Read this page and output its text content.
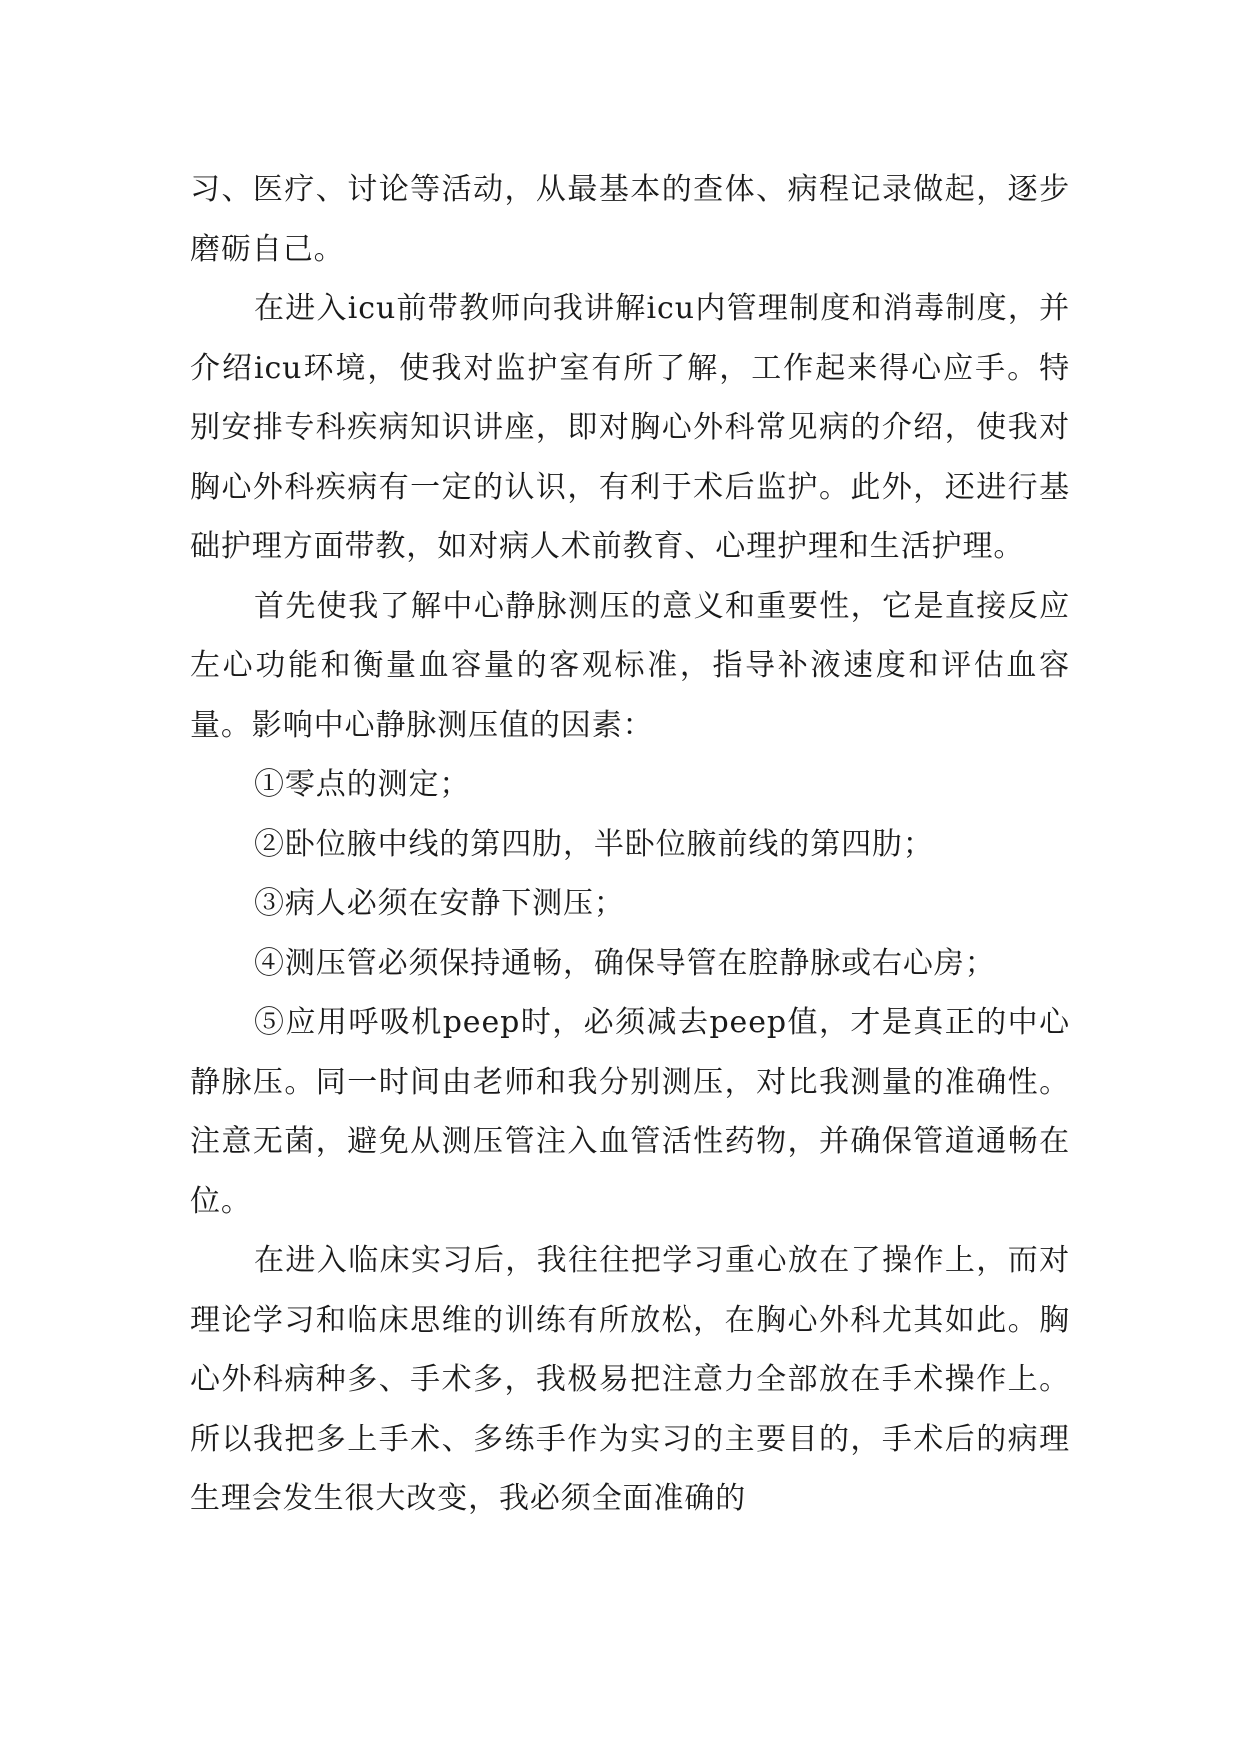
习、医疗、讨论等活动，从最基本的查体、病程记录做起，逐步磨砺自己。

在进入icu前带教师向我讲解icu内管理制度和消毒制度，并介绍icu环境，使我对监护室有所了解，工作起来得心应手。特别安排专科疾病知识讲座，即对胸心外科常见病的介绍，使我对胸心外科疾病有一定的认识，有利于术后监护。此外，还进行基础护理方面带教，如对病人术前教育、心理护理和生活护理。

首先使我了解中心静脉测压的意义和重要性，它是直接反应左心功能和衡量血容量的客观标准，指导补液速度和评估血容量。影响中心静脉测压值的因素：

①零点的测定；

②卧位腋中线的第四肋，半卧位腋前线的第四肋；

③病人必须在安静下测压；

④测压管必须保持通畅，确保导管在腔静脉或右心房；

⑤应用呼吸机peep时，必须减去peep值，才是真正的中心静脉压。同一时间由老师和我分别测压，对比我测量的准确性。注意无菌，避免从测压管注入血管活性药物，并确保管道通畅在位。

在进入临床实习后，我往往把学习重心放在了操作上，而对理论学习和临床思维的训练有所放松，在胸心外科尤其如此。胸心外科病种多、手术多，我极易把注意力全部放在手术操作上。所以我把多上手术、多练手作为实习的主要目的，手术后的病理生理会发生很大改变，我必须全面准确的
